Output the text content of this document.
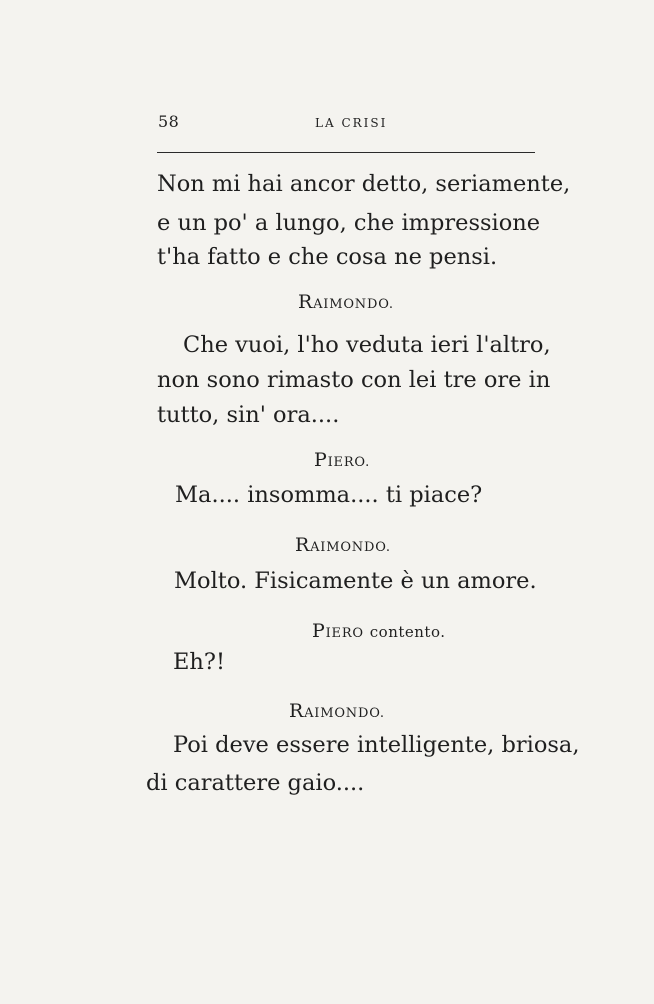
58	LA CRISI
Non mi hai ancor detto, seriamente,
e un po' a lungo, che impressione
t'ha fatto e che cosa ne pensi.
RAIMONDO.
Che vuoi, l'ho veduta ieri l'altro,
non sono rimasto con lei tre ore in
tutto, sin' ora....
PIERO.
Ma.... insomma.... ti piace?
RAIMONDO.
Molto. Fisicamente è un amore.
PIERO contento.
Eh?!
RAIMONDO.
Poi deve essere intelligente, briosa,
di carattere gaio....
